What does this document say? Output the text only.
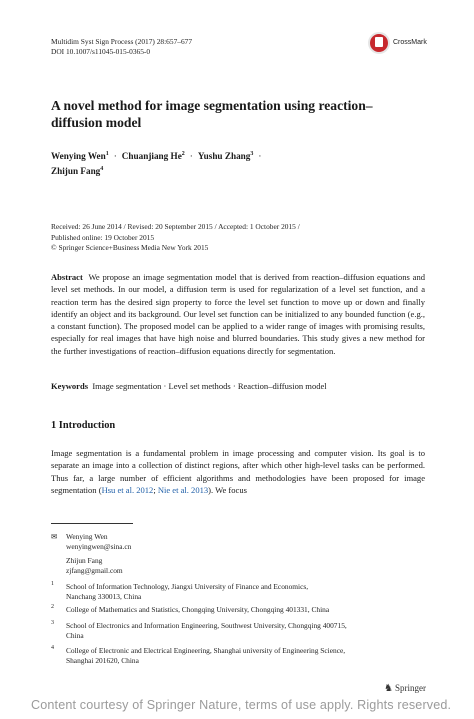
Multidim Syst Sign Process (2017) 28:657–677
DOI 10.1007/s11045-015-0365-0
CrossMark
A novel method for image segmentation using reaction–diffusion model
Wenying Wen$^1$ · Chuanjiang $He^2$ · Yushu Zhang$^3$ ·
Zhijun Fang$^4$
Received: 26 June 2014 / Revised: 20 September 2015 / Accepted: 1 October 2015 /
Published online: 19 October 2015
© Springer Science+Business Media New York 2015
Abstract We propose an image segmentation model that is derived from reaction–diffusion equations and level set methods. In our model, a diffusion term is used for regularization of a level set function, and a reaction term has the desired sign property to force the level set function to move up or down and finally identify an object and its background. Our level set function can be initialized to any bounded function (e.g., a constant function). The proposed model can be applied to a wider range of images with promising results, especially for real images that have high noise and blurred boundaries. This study gives a new method for the further investigations of reaction–diffusion equations directly for segmentation.
Keywords Image segmentation · Level set methods · Reaction–diffusion model
1 Introduction
Image segmentation is a fundamental problem in image processing and computer vision. Its goal is to separate an image into a collection of distinct regions, after which other high-level tasks can be performed. Thus far, a large number of efficient algorithms and methodologies have been proposed for image segmentation (Hsu et al. 2012; Nie et al. 2013). We focus
✉ Wenying Wen
wenyingwen@sina.cn
Zhijun Fang
zjfang@gmail.com
1 School of Information Technology, Jiangxi University of Finance and Economics,
Nanchang 330013, China
2 College of Mathematics and Statistics, Chongqing University, Chongqing 401331, China
3 School of Electronics and Information Engineering, Southwest University, Chongqing 400715,
China
4 College of Electronic and Electrical Engineering, Shanghai university of Engineering Science,
Shanghai 201620, China
♞ Springer
Content courtesy of Springer Nature, terms of use apply. Rights reserved.
